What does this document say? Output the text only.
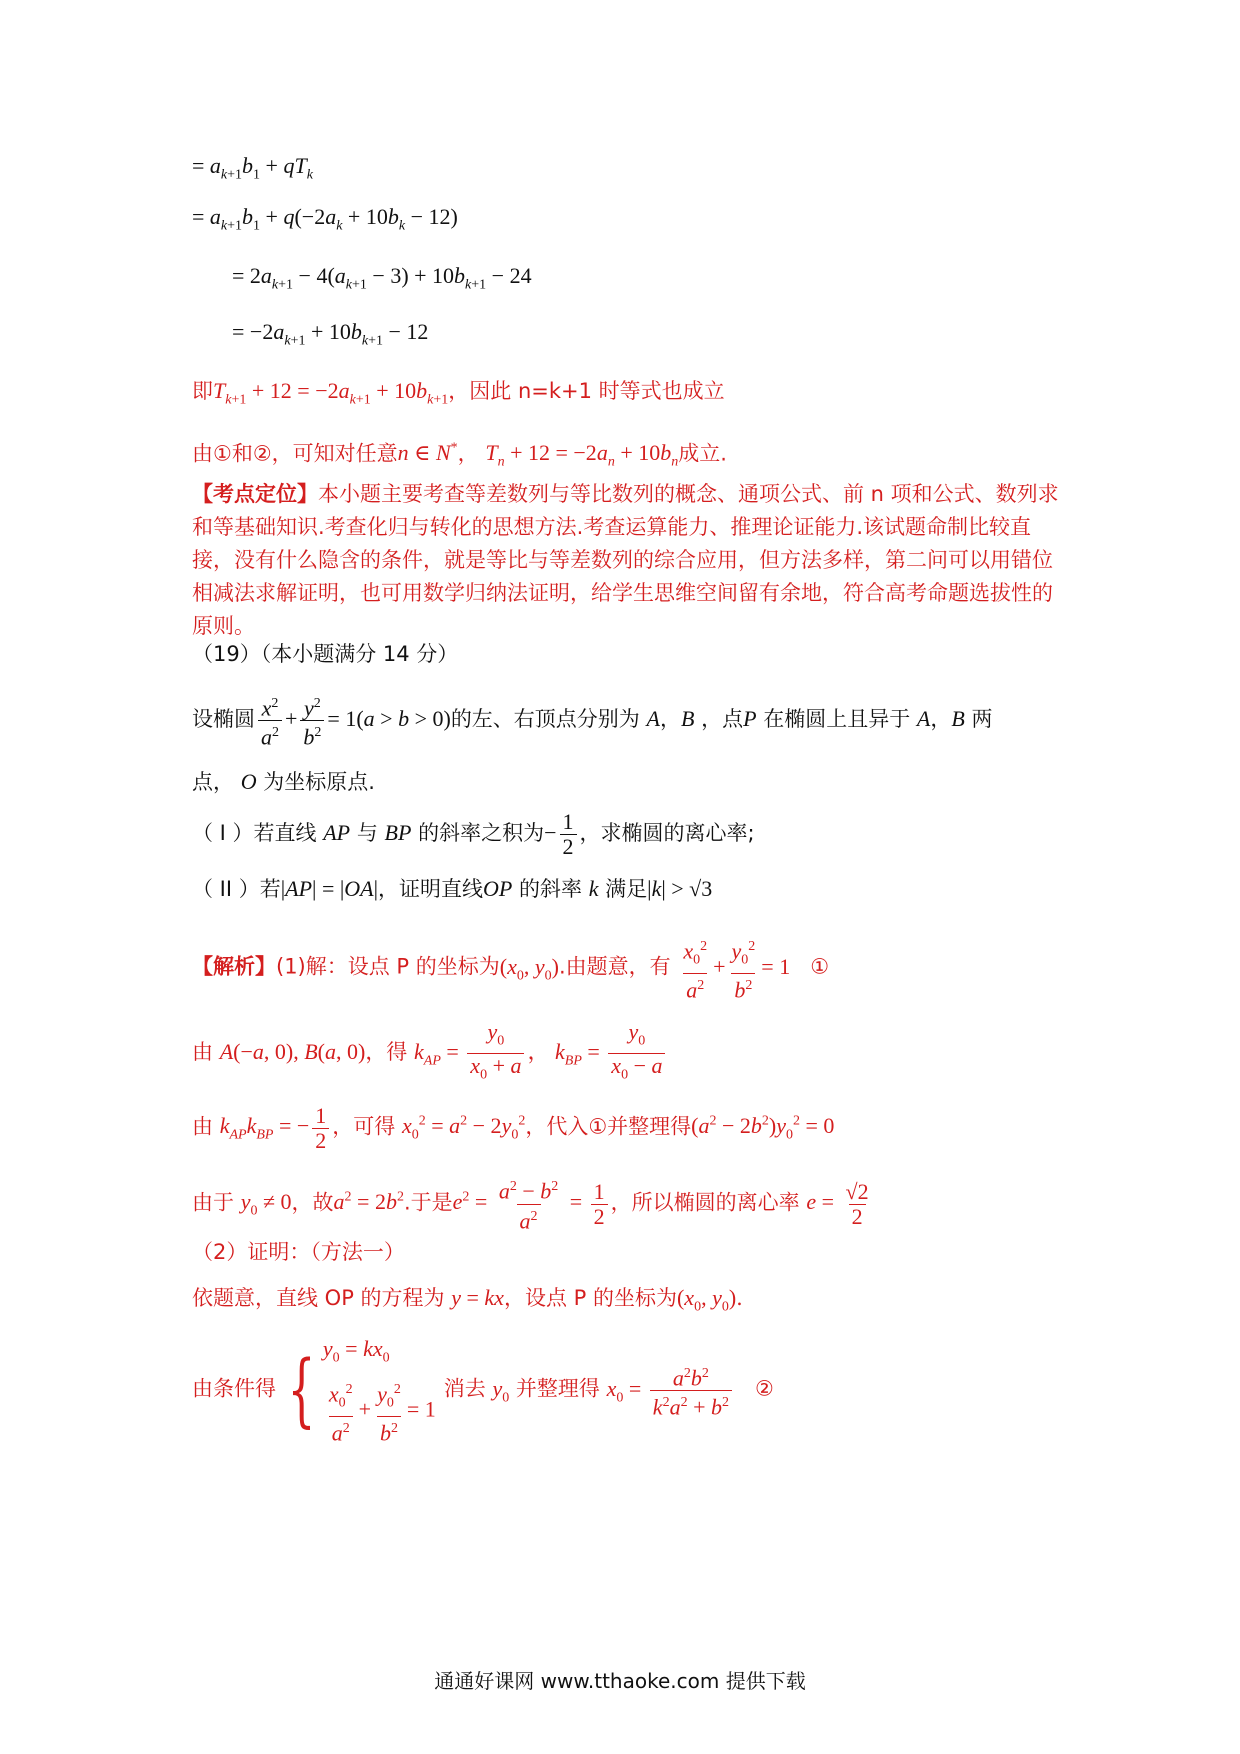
= $a_{k+1}b_1 + qT_k$
= $a_{k+1}b_1 + q(-2a_k + 10b_k - 12)$
= $2a_{k+1} - 4(a_{k+1} - 3) + 10b_{k+1} - 24$
= $-2a_{k+1} + 10b_{k+1} - 12$
即$T_{k+1} + 12 = -2a_{k+1} + 10b_{k+1}$，因此 n=k+1 时等式也成立
由①和②，可知对任意n ∈ N*， $T_n + 12 = -2a_n + 10b_n$成立.
【考点定位】本小题主要考查等差数列与等比数列的概念、通项公式、前 n 项和公式、数列求和等基础知识.考查化归与转化的思想方法.考查运算能力、推理论证能力.该试题命制比较直接，没有什么隐含的条件，就是等比与等差数列的综合应用，但方法多样，第二问可以用错位相减法求解证明，也可用数学归纳法证明，给学生思维空间留有余地，符合高考命题选拔性的原则。
（19）（本小题满分 14 分）
设椭圆 $\frac{x^2}{a^2} + \frac{y^2}{b^2} = 1(a > b > 0)$的左、右顶点分别为 A，B ，点P 在椭圆上且异于 A，B 两
点， O 为坐标原点.
（ I ）若直线 AP 与 BP 的斜率之积为− $\frac{1}{2}$ ，求椭圆的离心率;
（ II ）若|AP| = |OA|，证明直线OP 的斜率 k 满足|k| > √3
【解析】(1)解：设点 P 的坐标为($x_0$, $y_0$).由题意，有 $\frac{x_0^2}{a^2} + \frac{y_0^2}{b^2} = 1$ ①
由 A(−a, 0), B(a, 0)，得 $k_{AP} = \frac{y_0}{x_0 + a}$ ， $k_{BP} = \frac{y_0}{x_0 - a}$
由 $k_{AP}k_{BP}$ = − $\frac{1}{2}$ ，可得 $x_0^2 = a^2 - 2y_0^2$，代入①并整理得$(a^2 - 2b^2)y_0^2 = 0$
由于 $y_0 \ne 0$，故$a^2 = 2b^2$.于是$e^2 = \frac{a^2 - b^2}{a^2} = \frac{1}{2}$ ，所以椭圆的离心率 $e = \frac{√2}{2}$
（2）证明：（方法一）
依题意，直线 OP 的方程为 y = kx，设点 P 的坐标为($x_0$, $y_0$).
由条件得 { $y_0 = kx_0$
$\frac{x_0^2}{a^2} + \frac{y_0^2}{b^2} = 1$
消去 $y_0$ 并整理得 $x_0 = \frac{a^2b^2}{k^2a^2 + b^2}$ ②
通通好课网 www.tthaoke.com 提供下载
